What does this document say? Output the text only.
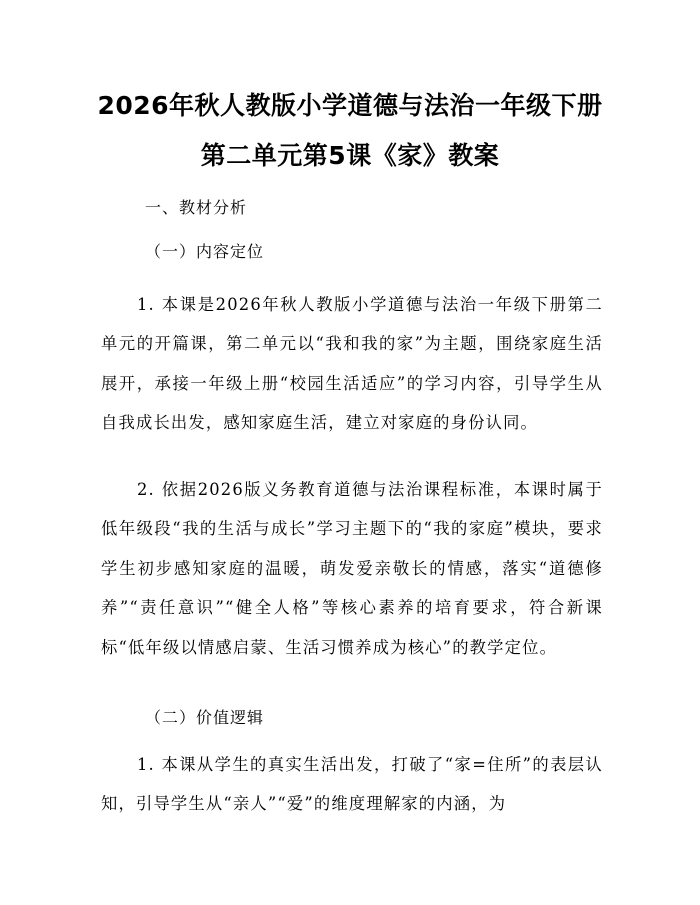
2026年秋人教版小学道德与法治一年级下册
第二单元第5课《家》教案
一、教材分析
（一）内容定位
1. 本课是2026年秋人教版小学道德与法治一年级下册第二单元的开篇课，第二单元以“我和我的家”为主题，围绕家庭生活展开，承接一年级上册“校园生活适应”的学习内容，引导学生从自我成长出发，感知家庭生活，建立对家庭的身份认同。
2. 依据2026版义务教育道德与法治课程标准，本课时属于低年级段“我的生活与成长”学习主题下的“我的家庭”模块，要求学生初步感知家庭的温暖，萌发爱亲敬长的情感，落实“道德修养”“责任意识”“健全人格”等核心素养的培育要求，符合新课标“低年级以情感启蒙、生活习惯养成为核心”的教学定位。
（二）价值逻辑
1. 本课从学生的真实生活出发，打破了“家=住所”的表层认知，引导学生从“亲人”“爱”的维度理解家的内涵，为
